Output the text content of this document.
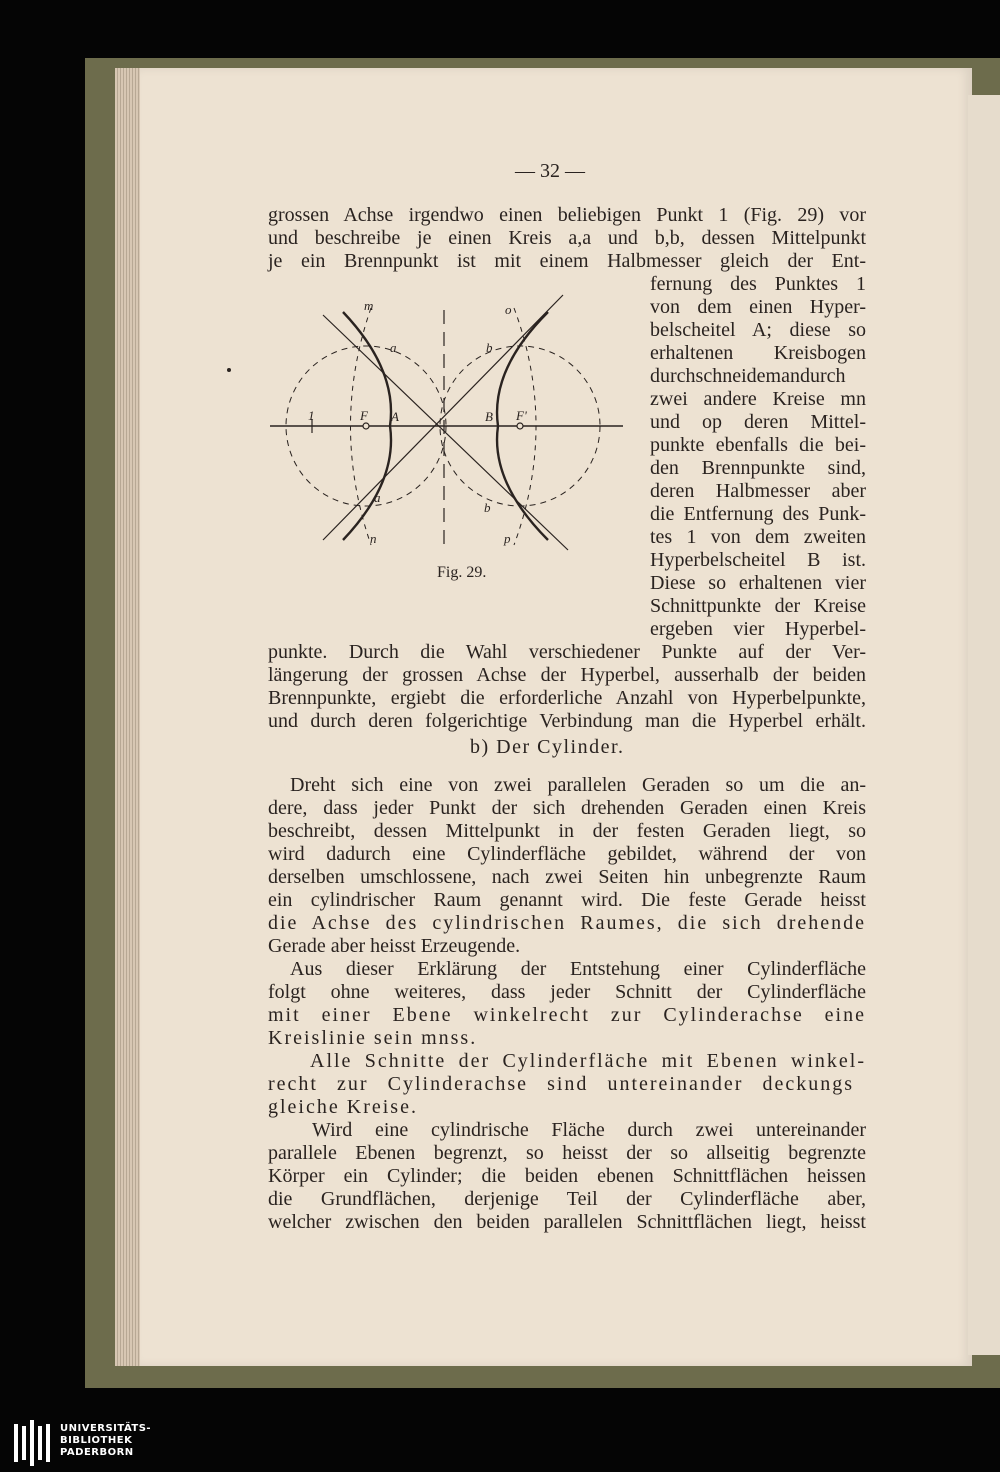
— 32 —
grossen Achse irgendwo einen beliebigen Punkt 1 (Fig. 29) vor
und beschreibe je einen Kreis a,a und b,b, dessen Mittelpunkt
je ein Brennpunkt ist mit einem Halbmesser gleich der Ent-
fernung des Punktes 1
von dem einen Hyper-
belscheitel A; diese so
erhaltenen Kreisbogen
durchschneidemandurch
zwei andere Kreise mn
und op deren Mittel-
punkte ebenfalls die bei-
den Brennpunkte sind,
deren Halbmesser aber
die Entfernung des Punk-
tes 1 von dem zweiten
Hyperbelscheitel B ist.
Diese so erhaltenen vier
Schnittpunkte der Kreise
ergeben vier Hyperbel-
punkte. Durch die Wahl verschiedener Punkte auf der Ver-
längerung der grossen Achse der Hyperbel, ausserhalb der beiden
Brennpunkte, ergiebt die erforderliche Anzahl von Hyperbelpunkte,
und durch deren folgerichtige Verbindung man die Hyperbel erhält.
m	o
a	b
1	F A	B F'
a
b
n	p
Fig. 29.
b) Der Cylinder.
Dreht sich eine von zwei parallelen Geraden so um die an-
dere, dass jeder Punkt der sich drehenden Geraden einen Kreis
beschreibt, dessen Mittelpunkt in der festen Geraden liegt, so
wird dadurch eine Cylinderfläche gebildet, während der von
derselben umschlossene, nach zwei Seiten hin unbegrenzte Raum
ein cylindrischer Raum genannt wird. Die feste Gerade heisst
die Achse des cylindrischen Raumes, die sich drehende
Gerade aber heisst Erzeugende.
Aus dieser Erklärung der Entstehung einer Cylinderfläche
folgt ohne weiteres, dass jeder Schnitt der Cylinderfläche
mit einer Ebene winkelrecht zur Cylinderachse eine
Kreislinie sein mnss.
Alle Schnitte der Cylinderfläche mit Ebenen winkel-
recht zur Cylinderachse sind untereinander deckungs
gleiche Kreise.
Wird eine cylindrische Fläche durch zwei untereinander
parallele Ebenen begrenzt, so heisst der so allseitig begrenzte
Körper ein Cylinder; die beiden ebenen Schnittflächen heissen
die Grundflächen, derjenige Teil der Cylinderfläche aber,
welcher zwischen den beiden parallelen Schnittflächen liegt, heisst
UNIVERSITÄTS-
BIBLIOTHEK
PADERBORN
